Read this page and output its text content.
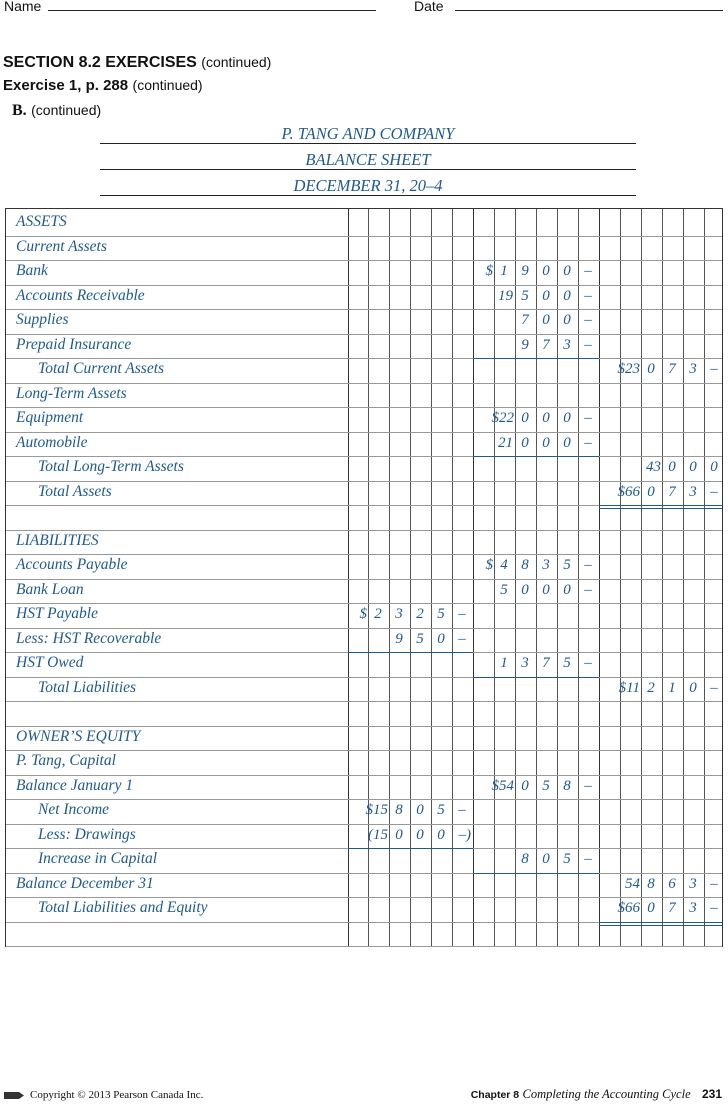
Name	Date
SECTION 8.2 EXERCISES (continued)
Exercise 1, p. 288 (continued)
B. (continued)
P. TANG AND COMPANY
BALANCE SHEET
DECEMBER 31, 20–4
ASSETS
Current Assets
Bank
Accounts Receivable
Supplies
Prepaid Insurance
Total Current Assets
Long-Term Assets
Equipment
Automobile
Total Long-Term Assets
Total Assets
LIABILITIES
Accounts Payable
Bank Loan
HST Payable
Less: HST Recoverable
HST Owed
Total Liabilities
OWNER’S EQUITY
P. Tang, Capital
Balance January 1
Net Income
Less: Drawings
Increase in Capital
Balance December 31
Total Liabilities and Equity
$ 1 9 0 0 –
19 5 0 0 –
7 0 0 –
9 7 3 –
$23 0 7 3 –
$22 0 0 0 –
21 0 0 0 –
43 0 0 0
$66 0 7 3 –
$ 4 8 3 5 –
5 0 0 0 –
$ 2 3 2 5 –
9 5 0 –
1 3 7 5 –
$11 2 1 0 –
$54 0 5 8 –
$15 8 0 5 –
(15 0 0 0 –)
8 0 5 –
54 8 6 3 –
$66 0 7 3 –
Copyright © 2013 Pearson Canada Inc.	Chapter 8 Completing the Accounting Cycle 231
